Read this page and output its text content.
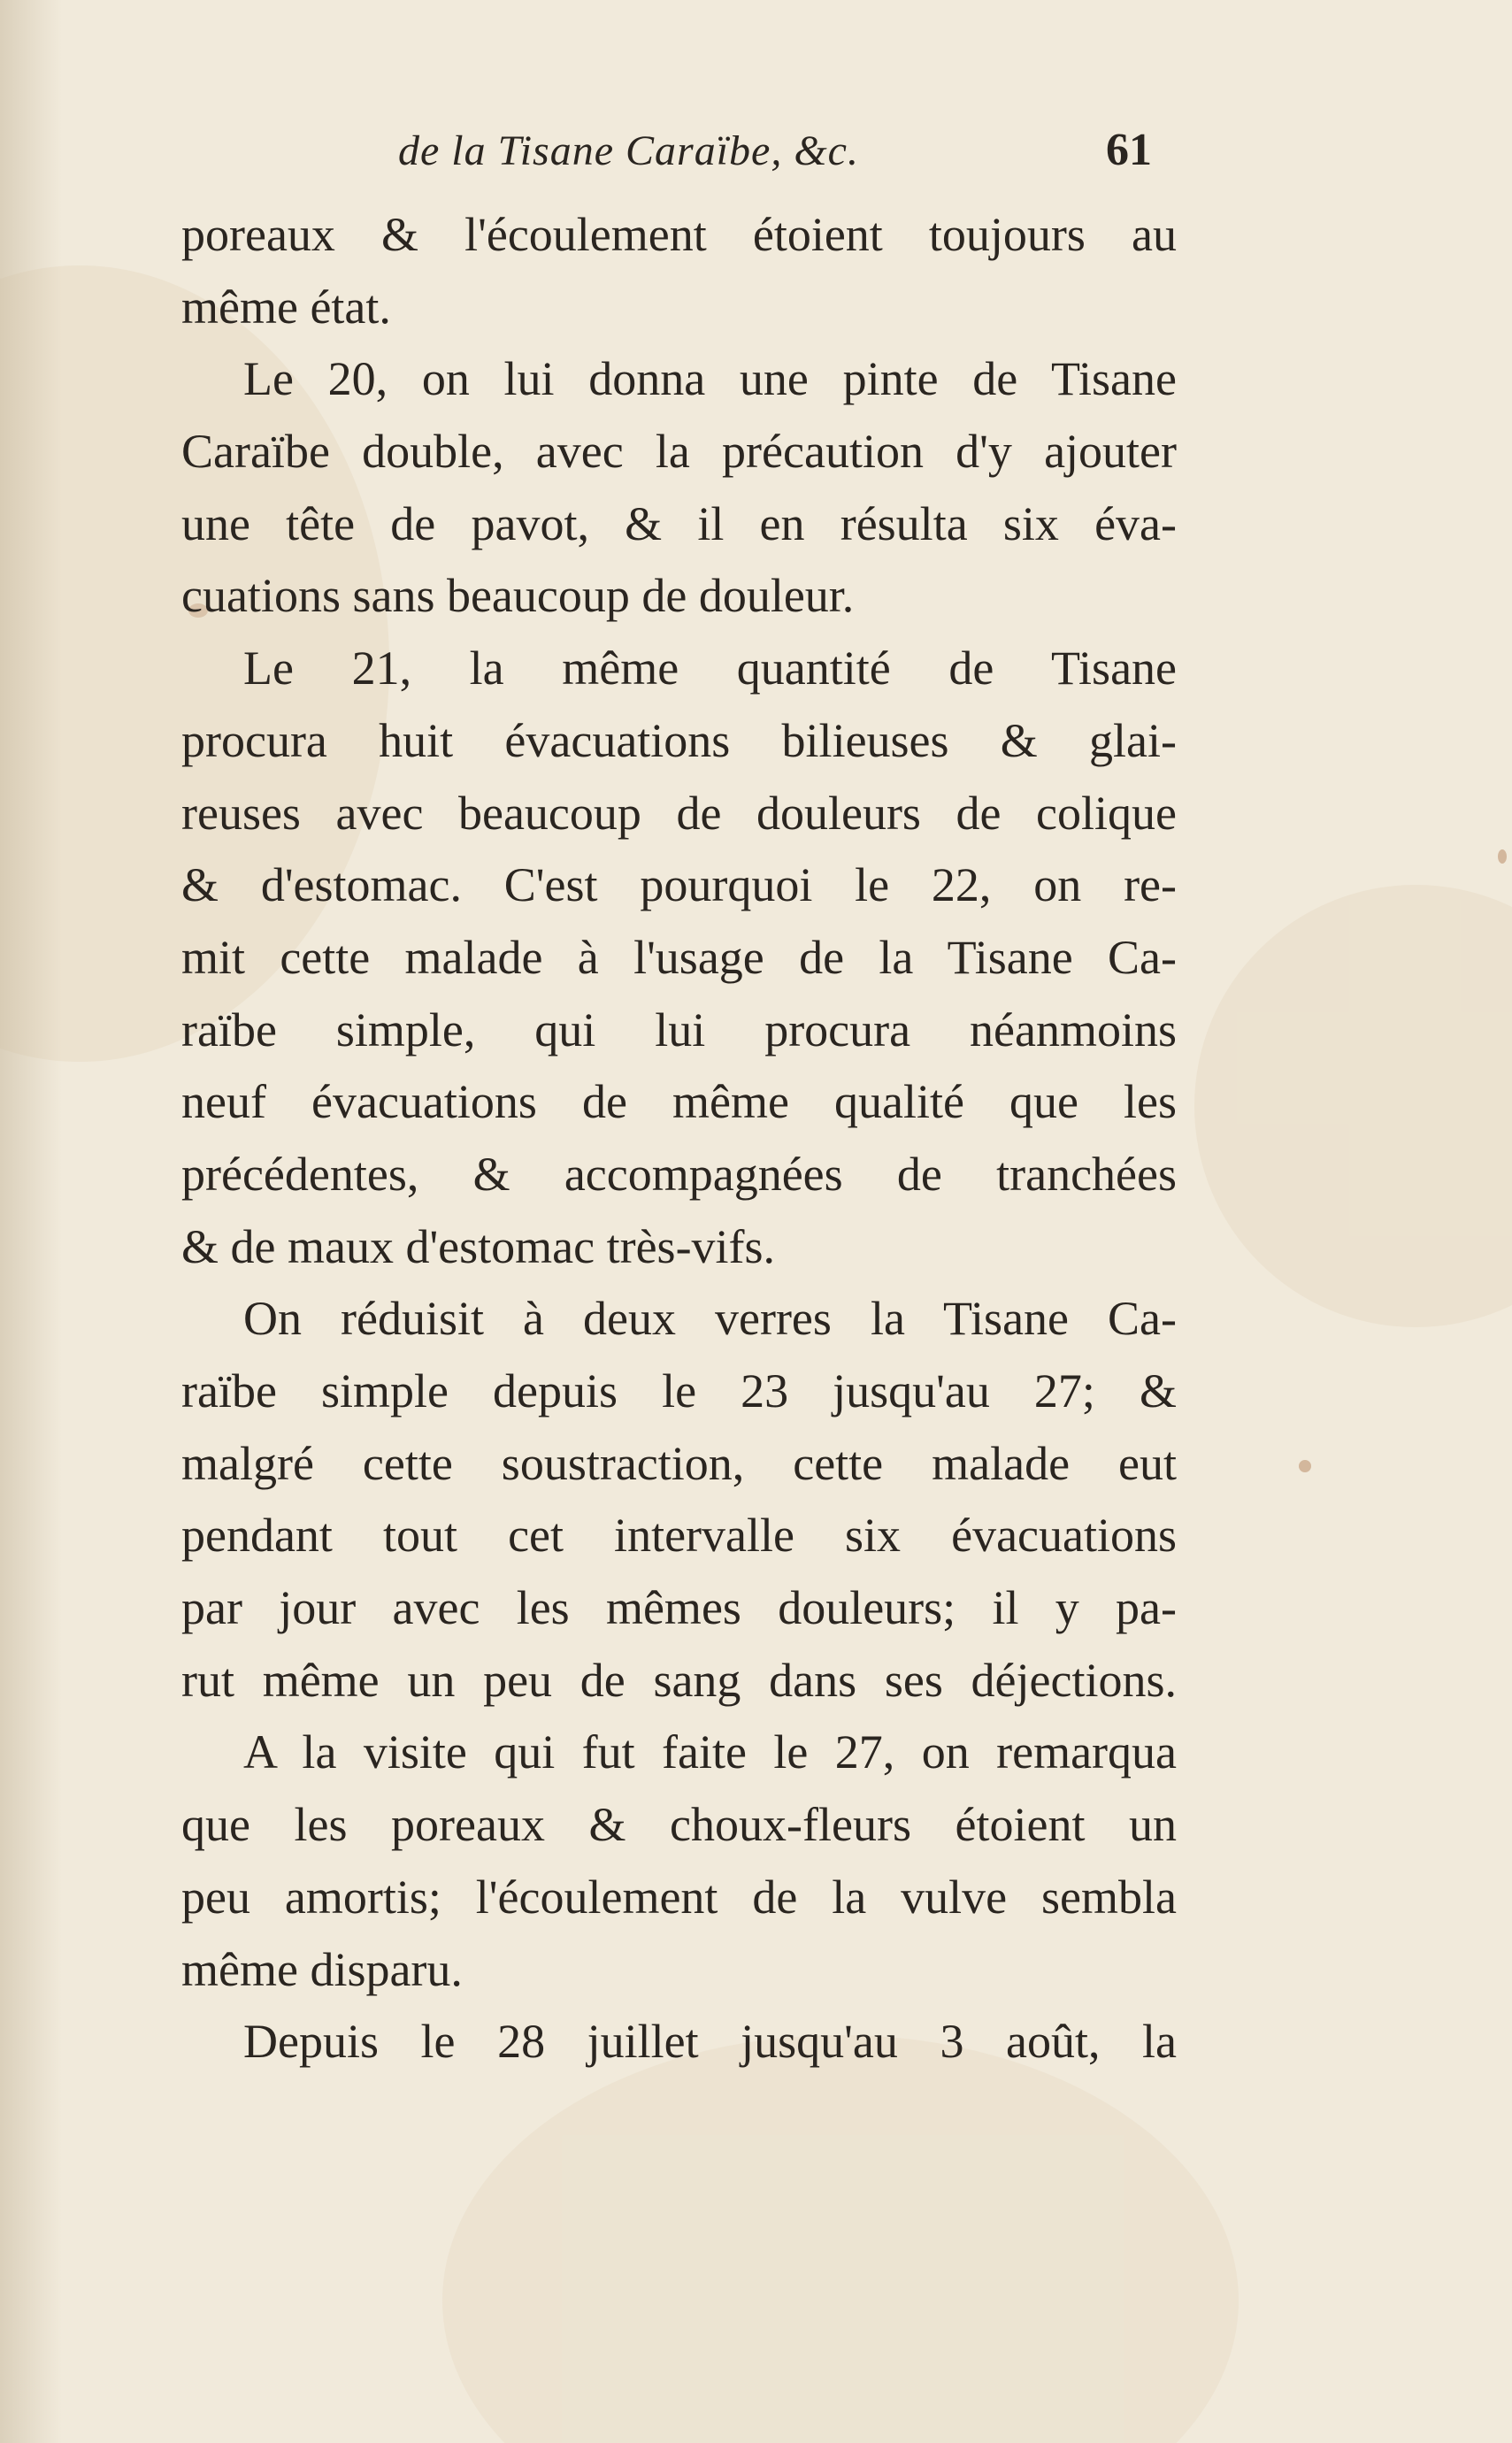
de la Tisane Caraïbe, &c.	61
poreaux & l'écoulement étoient toujours au
même état.
Le 20, on lui donna une pinte de Tisane
Caraïbe double, avec la précaution d'y ajouter
une tête de pavot, & il en résulta six éva-
cuations sans beaucoup de douleur.
Le 21, la même quantité de Tisane
procura huit évacuations bilieuses & glai-
reuses avec beaucoup de douleurs de colique
& d'estomac. C'est pourquoi le 22, on re-
mit cette malade à l'usage de la Tisane Ca-
raïbe simple, qui lui procura néanmoins
neuf évacuations de même qualité que les
précédentes, & accompagnées de tranchées
& de maux d'estomac très-vifs.
On réduisit à deux verres la Tisane Ca-
raïbe simple depuis le 23 jusqu'au 27; &
malgré cette soustraction, cette malade eut
pendant tout cet intervalle six évacuations
par jour avec les mêmes douleurs; il y pa-
rut même un peu de sang dans ses déjections.
A la visite qui fut faite le 27, on remarqua
que les poreaux & choux-fleurs étoient un
peu amortis; l'écoulement de la vulve sembla
même disparu.
Depuis le 28 juillet jusqu'au 3 août, la
